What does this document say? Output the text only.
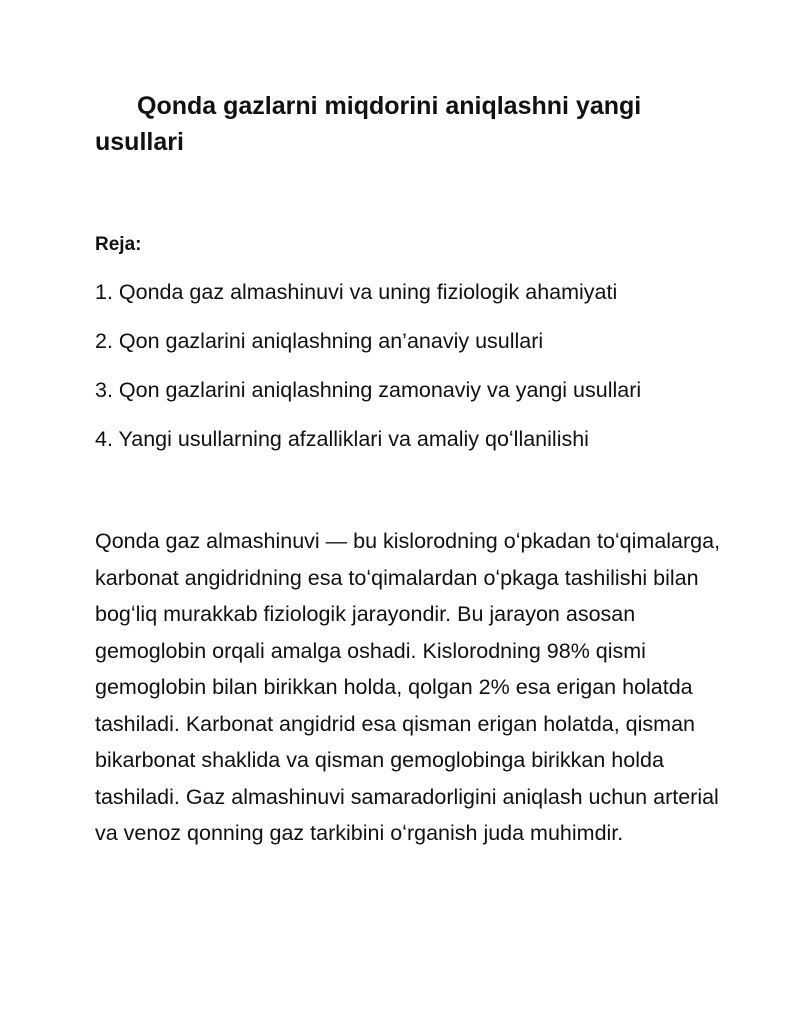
Qonda gazlarni miqdorini aniqlashni yangi usullari

Reja:

1. Qonda gaz almashinuvi va uning fiziologik ahamiyati
2. Qon gazlarini aniqlashning an’anaviy usullari
3. Qon gazlarini aniqlashning zamonaviy va yangi usullari
4. Yangi usullarning afzalliklari va amaliy qoʻllanilishi

Qonda gaz almashinuvi — bu kislorodning oʻpkadan toʻqimalarga, karbonat angidridning esa toʻqimalardan oʻpkaga tashilishi bilan bogʻliq murakkab fiziologik jarayondir. Bu jarayon asosan gemoglobin orqali amalga oshadi. Kislorodning 98% qismi gemoglobin bilan birikkan holda, qolgan 2% esa erigan holatda tashiladi. Karbonat angidrid esa qisman erigan holatda, qisman bikarbonat shaklida va qisman gemoglobinga birikkan holda tashiladi. Gaz almashinuvi samaradorligini aniqlash uchun arterial va venoz qonning gaz tarkibini oʻrganish juda muhimdir.
